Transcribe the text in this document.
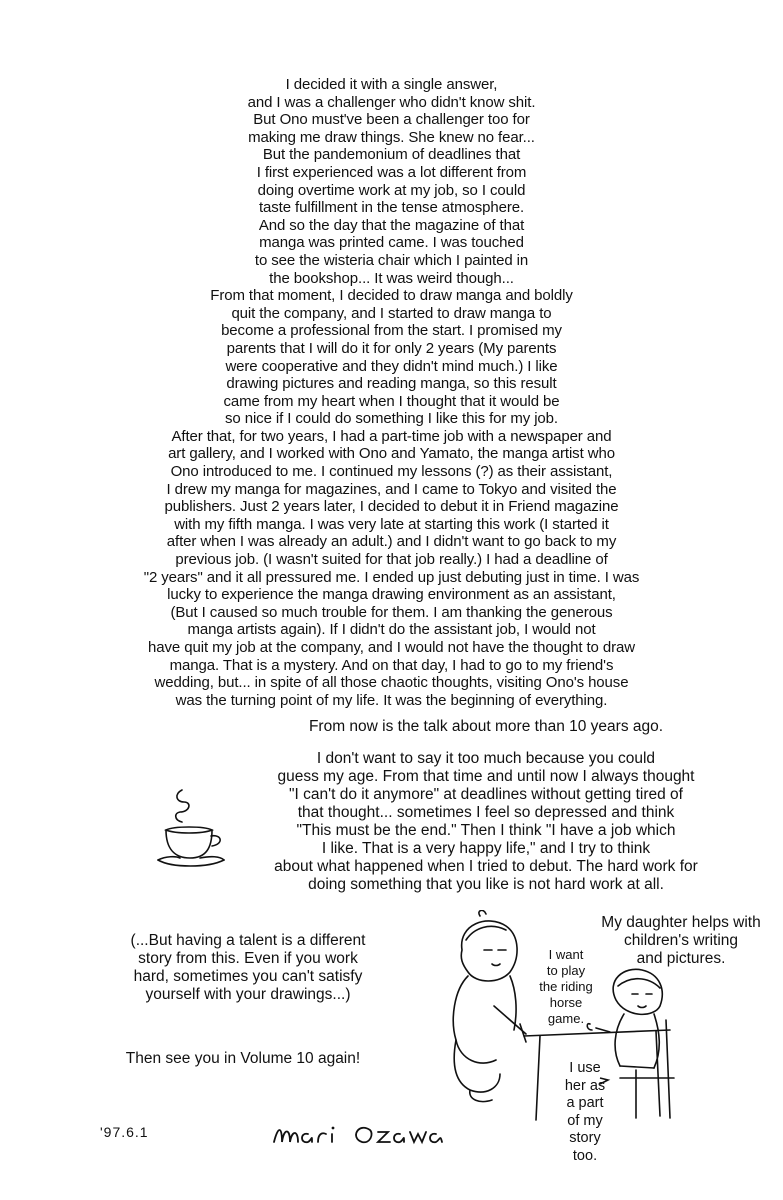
I decided it with a single answer,
and I was a challenger who didn't know shit.
But Ono must've been a challenger too for
making me draw things. She knew no fear...
But the pandemonium of deadlines that
I first experienced was a lot different from
doing overtime work at my job, so I could
taste fulfillment in the tense atmosphere.
And so the day that the magazine of that
manga was printed came. I was touched
to see the wisteria chair which I painted in
the bookshop... It was weird though...
From that moment, I decided to draw manga and boldly
quit the company, and I started to draw manga to
become a professional from the start. I promised my
parents that I will do it for only 2 years (My parents
were cooperative and they didn't mind much.) I like
drawing pictures and reading manga, so this result
came from my heart when I thought that it would be
so nice if I could do something I like this for my job.
After that, for two years, I had a part-time job with a newspaper and
art gallery, and I worked with Ono and Yamato, the manga artist who
Ono introduced to me. I continued my lessons (?) as their assistant,
I drew my manga for magazines, and I came to Tokyo and visited the
publishers. Just 2 years later, I decided to debut it in Friend magazine
with my fifth manga. I was very late at starting this work (I started it
after when I was already an adult.) and I didn't want to go back to my
previous job. (I wasn't suited for that job really.) I had a deadline of
"2 years" and it all pressured me. I ended up just debuting just in time. I was
lucky to experience the manga drawing environment as an assistant,
(But I caused so much trouble for them. I am thanking the generous
manga artists again). If I didn't do the assistant job, I would not
have quit my job at the company, and I would not have the thought to draw
manga. That is a mystery. And on that day, I had to go to my friend's
wedding, but... in spite of all those chaotic thoughts, visiting Ono's house
was the turning point of my life. It was the beginning of everything.
From now is the talk about more than 10 years ago.
I don't want to say it too much because you could
guess my age. From that time and until now I always thought
"I can't do it anymore" at deadlines without getting tired of
that thought... sometimes I feel so depressed and think
"This must be the end." Then I think "I have a job which
I like. That is a very happy life," and I try to think
about what happened when I tried to debut. The hard work for
doing something that you like is not hard work at all.
(...But having a talent is a different
story from this. Even if you work
hard, sometimes you can't satisfy
yourself with your drawings...)
Then see you in Volume 10 again!
'97.6.1
My daughter helps with
children's writing
and pictures.
I want
to play
the riding
horse
game.
I use
her as
a part
of my
story
too.
